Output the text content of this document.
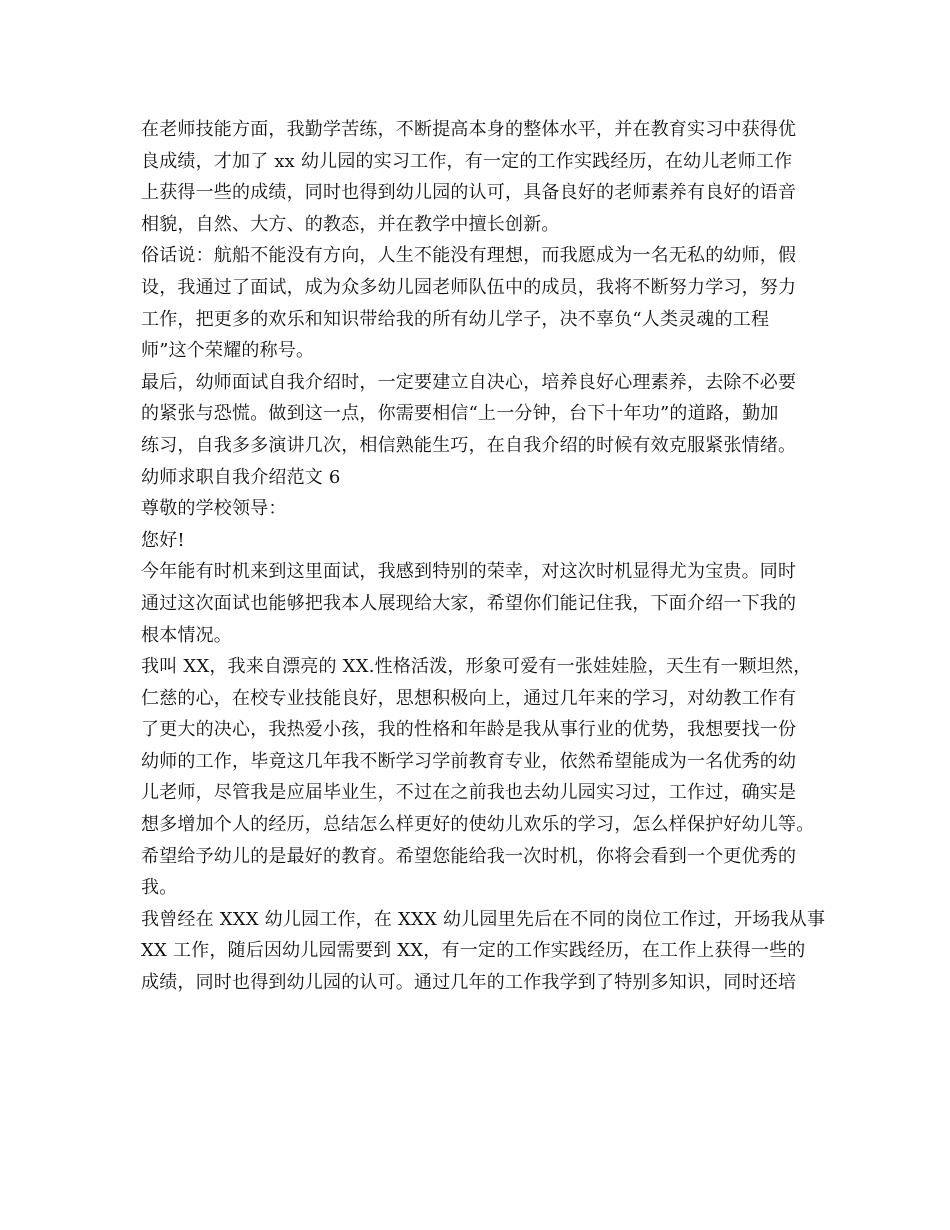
在老师技能方面，我勤学苦练，不断提高本身的整体水平，并在教育实习中获得优
良成绩，才加了 xx 幼儿园的实习工作，有一定的工作实践经历，在幼儿老师工作
上获得一些的成绩，同时也得到幼儿园的认可，具备良好的老师素养有良好的语音
相貌，自然、大方、的教态，并在教学中擅长创新。
俗话说：航船不能没有方向，人生不能没有理想，而我愿成为一名无私的幼师，假
设，我通过了面试，成为众多幼儿园老师队伍中的成员，我将不断努力学习，努力
工作，把更多的欢乐和知识带给我的所有幼儿学子，决不辜负“人类灵魂的工程
师”这个荣耀的称号。
最后，幼师面试自我介绍时，一定要建立自决心，培养良好心理素养，去除不必要
的紧张与恐慌。做到这一点，你需要相信“上一分钟，台下十年功”的道路，勤加
练习，自我多多演讲几次，相信熟能生巧，在自我介绍的时候有效克服紧张情绪。
幼师求职自我介绍范文 6
尊敬的学校领导：
您好!
今年能有时机来到这里面试，我感到特别的荣幸，对这次时机显得尤为宝贵。同时
通过这次面试也能够把我本人展现给大家，希望你们能记住我，下面介绍一下我的
根本情况。
我叫 XX，我来自漂亮的 XX.性格活泼，形象可爱有一张娃娃脸，天生有一颗坦然，
仁慈的心，在校专业技能良好，思想积极向上，通过几年来的学习，对幼教工作有
了更大的决心，我热爱小孩，我的性格和年龄是我从事行业的优势，我想要找一份
幼师的工作，毕竟这几年我不断学习学前教育专业，依然希望能成为一名优秀的幼
儿老师，尽管我是应届毕业生，不过在之前我也去幼儿园实习过，工作过，确实是
想多增加个人的经历，总结怎么样更好的使幼儿欢乐的学习，怎么样保护好幼儿等。
希望给予幼儿的是最好的教育。希望您能给我一次时机，你将会看到一个更优秀的
我。
我曾经在 XXX 幼儿园工作，在 XXX 幼儿园里先后在不同的岗位工作过，开场我从事
XX 工作，随后因幼儿园需要到 XX，有一定的工作实践经历，在工作上获得一些的
成绩，同时也得到幼儿园的认可。通过几年的工作我学到了特别多知识，同时还培
